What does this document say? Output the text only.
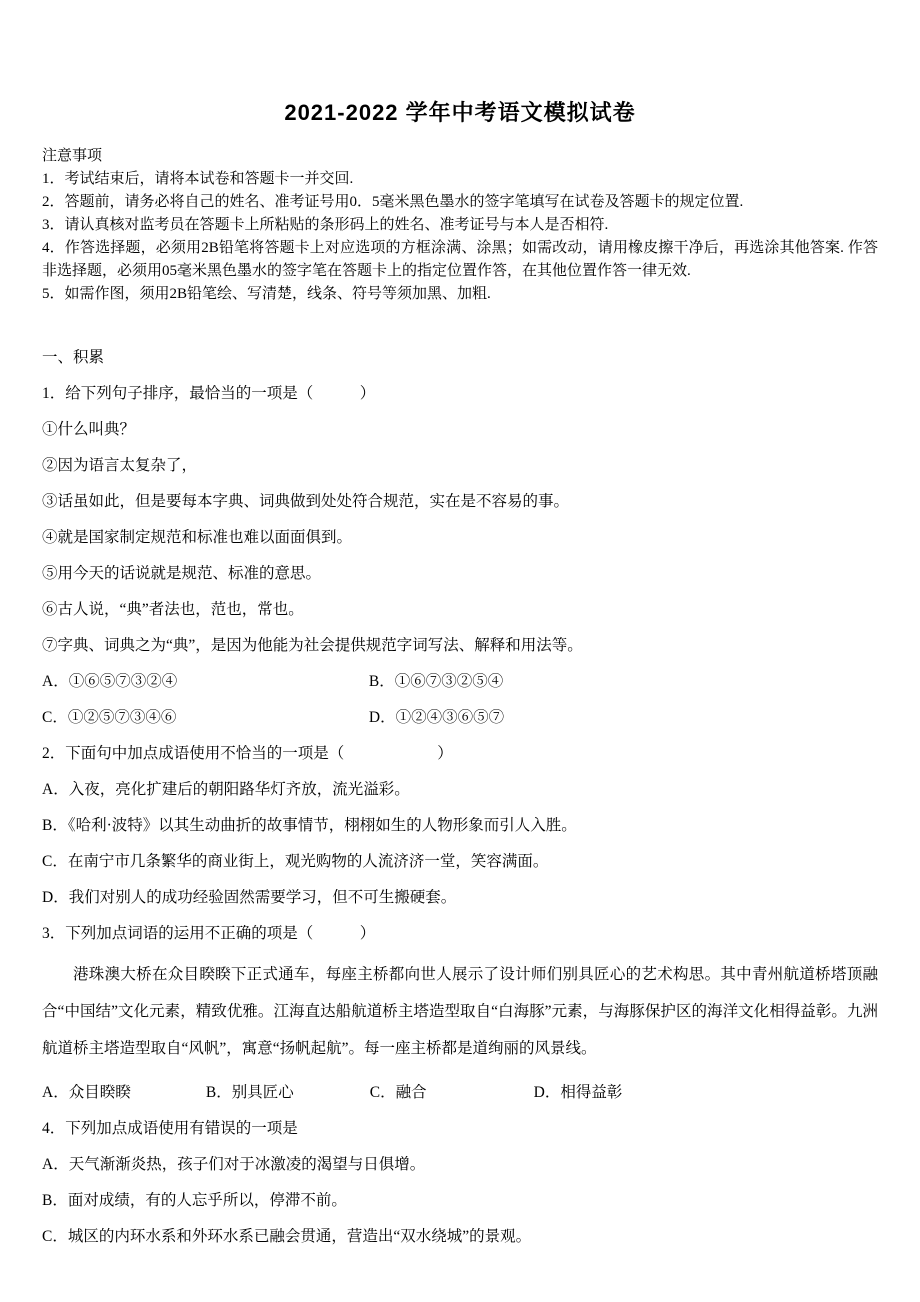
2021-2022 学年中考语文模拟试卷

注意事项

1．考试结束后，请将本试卷和答题卡一并交回.

2．答题前，请务必将自己的姓名、准考证号用0．5毫米黑色墨水的签字笔填写在试卷及答题卡的规定位置.

3．请认真核对监考员在答题卡上所粘贴的条形码上的姓名、准考证号与本人是否相符.

4．作答选择题，必须用2B铅笔将答题卡上对应选项的方框涂满、涂黑；如需改动，请用橡皮擦干净后，再选涂其他答案. 作答非选择题，必须用05毫米黑色墨水的签字笔在答题卡上的指定位置作答，在其他位置作答一律无效.

5．如需作图，须用2B铅笔绘、写清楚，线条、符号等须加黑、加粗.

一、积累

1．给下列句子排序，最恰当的一项是（　　　）

①什么叫典？

②因为语言太复杂了，

③话虽如此，但是要每本字典、词典做到处处符合规范，实在是不容易的事。

④就是国家制定规范和标准也难以面面俱到。

⑤用今天的话说就是规范、标准的意思。

⑥古人说，“典”者法也，范也，常也。

⑦字典、词典之为“典”，是因为他能为社会提供规范字词写法、解释和用法等。

A．①⑥⑤⑦③②④	B．①⑥⑦③②⑤④
C．①②⑤⑦③④⑥	D．①②④③⑥⑤⑦

2．下面句中加点成语使用不恰当的一项是（　　　　　　）

A．入夜，亮化扩建后的朝阳路华灯齐放，流光溢彩。

B．《哈利·波特》以其生动曲折的故事情节，栩栩如生的人物形象而引人入胜。

C．在南宁市几条繁华的商业街上，观光购物的人流济济一堂，笑容满面。

D．我们对别人的成功经验固然需要学习，但不可生搬硬套。

3．下列加点词语的运用不正确的项是（　　　）

港珠澳大桥在众目睽睽下正式通车，每座主桥都向世人展示了设计师们别具匠心的艺术构思。其中青州航道桥塔顶融合“中国结”文化元素，精致优雅。江海直达船航道桥主塔造型取自“白海豚”元素，与海豚保护区的海洋文化相得益彰。九洲航道桥主塔造型取自“风帆”，寓意“扬帆起航”。每一座主桥都是道绚丽的风景线。

A．众目睽睽	B．别具匠心	C．融合	D．相得益彰

4．下列加点成语使用有错误的一项是

A．天气渐渐炎热，孩子们对于冰激凌的渴望与日俱增。

B．面对成绩，有的人忘乎所以，停滞不前。

C．城区的内环水系和外环水系已融会贯通，营造出“双水绕城”的景观。
